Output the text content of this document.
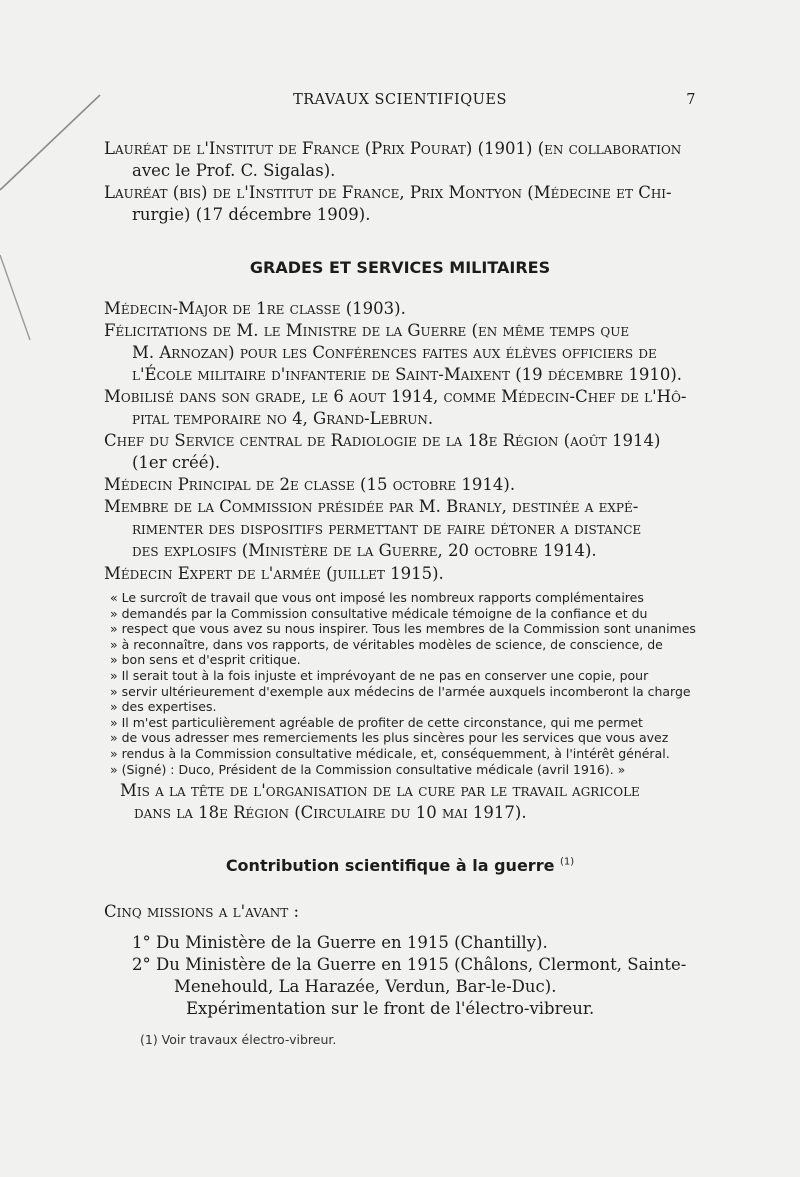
TRAVAUX SCIENTIFIQUES	7
Lauréat de l'Institut de France (Prix Pourat) (1901) (en collaboration
avec le Prof. C. Sigalas).
Lauréat (bis) de l'Institut de France, Prix Montyon (Médecine et Chi-
rurgie) (17 décembre 1909).
GRADES ET SERVICES MILITAIRES
Médecin-Major de 1re classe (1903).
Félicitations de M. le Ministre de la Guerre (en même temps que
M. Arnozan) pour les Conférences faites aux élèves officiers de
l'École militaire d'infanterie de Saint-Maixent (19 décembre 1910).
Mobilisé dans son grade, le 6 aout 1914, comme Médecin-Chef de l'Hô-
pital temporaire no 4, Grand-Lebrun.
Chef du Service central de Radiologie de la 18e Région (août 1914)
(1er créé).
Médecin Principal de 2e classe (15 octobre 1914).
Membre de la Commission présidée par M. Branly, destinée a expé-
rimenter des dispositifs permettant de faire détoner a distance
des explosifs (Ministère de la Guerre, 20 octobre 1914).
Médecin Expert de l'armée (juillet 1915).
« Le surcroît de travail que vous ont imposé les nombreux rapports complémentaires
» demandés par la Commission consultative médicale témoigne de la confiance et du
» respect que vous avez su nous inspirer. Tous les membres de la Commission sont unanimes
» à reconnaître, dans vos rapports, de véritables modèles de science, de conscience, de
» bon sens et d'esprit critique.
» Il serait tout à la fois injuste et imprévoyant de ne pas en conserver une copie, pour
» servir ultérieurement d'exemple aux médecins de l'armée auxquels incomberont la charge
» des expertises.
» Il m'est particulièrement agréable de profiter de cette circonstance, qui me permet
» de vous adresser mes remerciements les plus sincères pour les services que vous avez
» rendus à la Commission consultative médicale, et, conséquemment, à l'intérêt général.
» (Signé) : Duco, Président de la Commission consultative médicale (avril 1916). »
Mis a la tête de l'organisation de la cure par le travail agricole
dans la 18e Région (Circulaire du 10 mai 1917).
Contribution scientifique à la guerre $^{(1)}$
Cinq missions a l'avant :
1° Du Ministère de la Guerre en 1915 (Chantilly).
2° Du Ministère de la Guerre en 1915 (Châlons, Clermont, Sainte-
Menehould, La Harazée, Verdun, Bar-le-Duc).
Expérimentation sur le front de l'électro-vibreur.
(1) Voir travaux électro-vibreur.
